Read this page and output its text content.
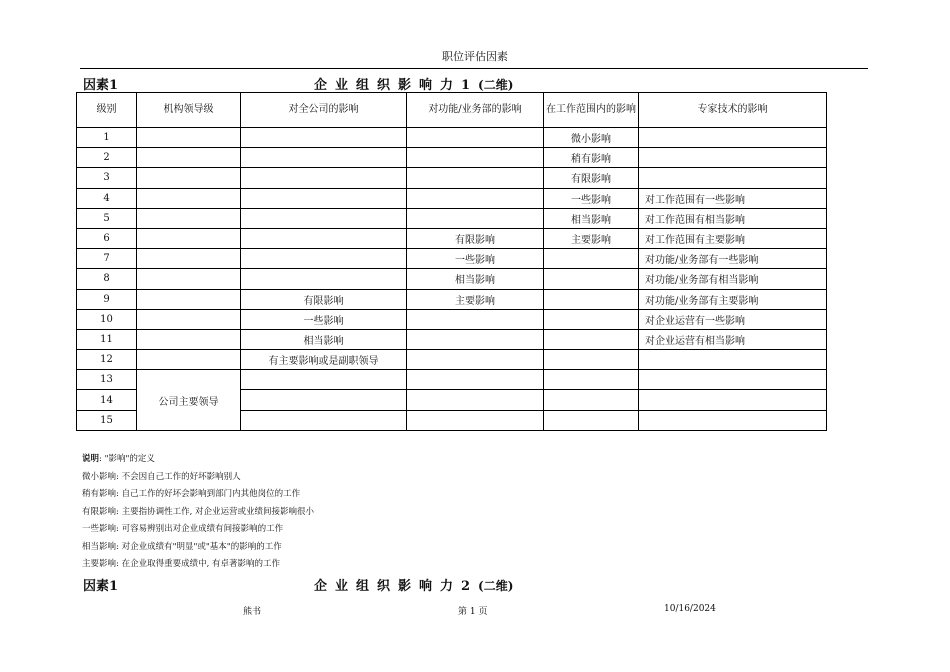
职位评估因素
因素1	企业组织影响力1(二维)
级别	机构领导级	对全公司的影响	对功能/业务部的影响	在工作范围内的影响	专家技术的影响
1				微小影响	
2				稍有影响	
3				有限影响	
4				一些影响	对工作范围有一些影响
5				相当影响	对工作范围有相当影响
6			有限影响	主要影响	对工作范围有主要影响
7			一些影响		对功能/业务部有一些影响
8			相当影响		对功能/业务部有相当影响
9		有限影响	主要影响		对功能/业务部有主要影响
10		一些影响			对企业运营有一些影响
11		相当影响			对企业运营有相当影响
12		有主要影响或是副职领导			
13	公司主要领导				
14					
15					
说明: "影响"的定义
微小影响: 不会因自己工作的好坏影响别人
稍有影响: 自己工作的好坏会影响到部门内其他岗位的工作
有限影响: 主要指协调性工作, 对企业运营或业绩间接影响很小
一些影响: 可容易辨别出对企业成绩有间接影响的工作
相当影响: 对企业成绩有"明显"或"基本"的影响的工作
主要影响: 在企业取得重要成绩中, 有卓著影响的工作
因素1	企业组织影响力2(二维)
熊书	第 1 页	10/16/2024
